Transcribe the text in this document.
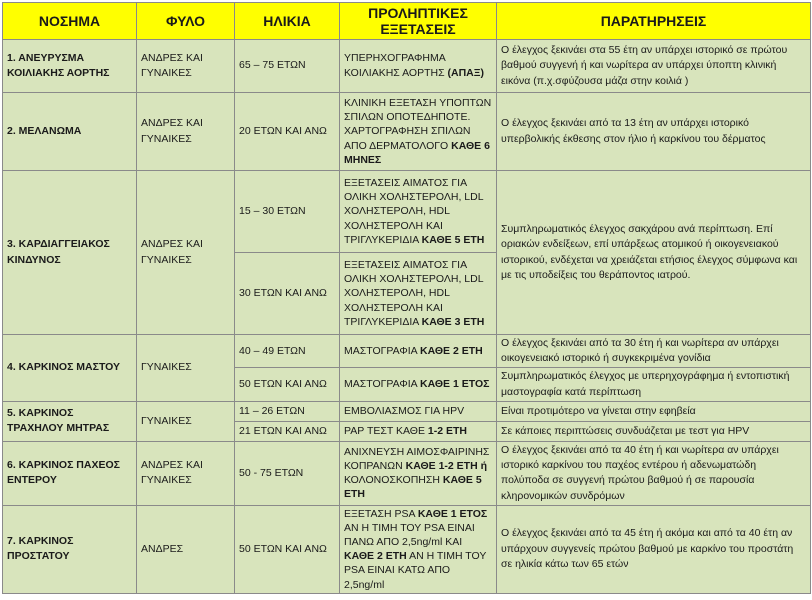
ΝΟΣΗΜΑ	ΦΥΛΟ	ΗΛΙΚΙΑ	ΠΡΟΛΗΠΤΙΚΕΣ ΕΞΕΤΑΣΕΙΣ	ΠΑΡΑΤΗΡΗΣΕΙΣ
1. ΑΝΕΥΡΥΣΜΑ ΚΟΙΛΙΑΚΗΣ ΑΟΡΤΗΣ	ΑΝΔΡΕΣ ΚΑΙ ΓΥΝΑΙΚΕΣ	65 – 75 ΕΤΩΝ	ΥΠΕΡΗΧΟΓΡΑΦΗΜΑ ΚΟΙΛΙΑΚΗΣ ΑΟΡΤΗΣ (ΑΠΑΞ)	Ο έλεγχος ξεκινάει στα 55 έτη αν υπάρχει ιστορικό σε πρώτου βαθμού συγγενή ή και νωρίτερα αν υπάρχει ύποπτη κλινική εικόνα (π.χ.σφύζουσα μάζα στην κοιλιά )
2. ΜΕΛΑΝΩΜΑ	ΑΝΔΡΕΣ ΚΑΙ ΓΥΝΑΙΚΕΣ	20 ΕΤΩΝ ΚΑΙ ΑΝΩ	ΚΛΙΝΙΚΗ ΕΞΕΤΑΣΗ ΥΠΟΠΤΩΝ ΣΠΙΛΩΝ ΟΠΟΤΕΔΗΠΟΤΕ. ΧΑΡΤΟΓΡΑΦΗΣΗ ΣΠΙΛΩΝ ΑΠΟ ΔΕΡΜΑΤΟΛΟΓΟ ΚΑΘΕ 6 ΜΗΝΕΣ	Ο έλεγχος ξεκινάει από τα 13 έτη αν υπάρχει ιστορικό υπερβολικής έκθεσης στον ήλιο ή καρκίνου του δέρματος
3. ΚΑΡΔΙΑΓΓΕΙΑΚΟΣ ΚΙΝΔΥΝΟΣ	ΑΝΔΡΕΣ ΚΑΙ ΓΥΝΑΙΚΕΣ	15 – 30 ΕΤΩΝ	ΕΞΕΤΑΣΕΙΣ ΑΙΜΑΤΟΣ ΓΙΑ ΟΛΙΚΗ ΧΟΛΗΣΤΕΡΟΛΗ, LDL ΧΟΛΗΣΤΕΡΟΛΗ, HDL ΧΟΛΗΣΤΕΡΟΛΗ ΚΑΙ ΤΡΙΓΛΥΚΕΡΙΔΙΑ ΚΑΘΕ 5 ΕΤΗ	Συμπληρωματικός έλεγχος σακχάρου ανά περίπτωση. Επί οριακών ενδείξεων, επί υπάρξεως ατομικού ή οικογενειακού ιστορικού, ενδέχεται να χρειάζεται ετήσιος έλεγχος σύμφωνα και με τις υποδείξεις του θεράποντος ιατρού.
		30 ΕΤΩΝ ΚΑΙ ΑΝΩ	ΕΞΕΤΑΣΕΙΣ ΑΙΜΑΤΟΣ ΓΙΑ ΟΛΙΚΗ ΧΟΛΗΣΤΕΡΟΛΗ, LDL ΧΟΛΗΣΤΕΡΟΛΗ, HDL ΧΟΛΗΣΤΕΡΟΛΗ ΚΑΙ ΤΡΙΓΛΥΚΕΡΙΔΙΑ ΚΑΘΕ 3 ΕΤΗ	
4. ΚΑΡΚΙΝΟΣ ΜΑΣΤΟΥ	ΓΥΝΑΙΚΕΣ	40 – 49 ΕΤΩΝ	ΜΑΣΤΟΓΡΑΦΙΑ ΚΑΘΕ 2 ΕΤΗ	Ο έλεγχος ξεκινάει από τα 30 έτη ή και νωρίτερα αν υπάρχει οικογενειακό ιστορικό ή συγκεκριμένα γονίδια
		50 ΕΤΩΝ ΚΑΙ ΑΝΩ	ΜΑΣΤΟΓΡΑΦΙΑ ΚΑΘΕ 1 ΕΤΟΣ	Συμπληρωματικός έλεγχος με υπερηχογράφημα ή εντοπιστική μαστογραφία κατά περίπτωση
5. ΚΑΡΚΙΝΟΣ ΤΡΑΧΗΛΟΥ ΜΗΤΡΑΣ	ΓΥΝΑΙΚΕΣ	11 – 26 ΕΤΩΝ	ΕΜΒΟΛΙΑΣΜΟΣ ΓΙΑ HPV	Είναι προτιμότερο να γίνεται στην εφηβεία
		21 ΕΤΩΝ ΚΑΙ ΑΝΩ	PAP ΤΕΣΤ ΚΑΘΕ 1-2 ΕΤΗ	Σε κάποιες περιπτώσεις συνδυάζεται με τεστ για HPV
6. ΚΑΡΚΙΝΟΣ ΠΑΧΕΟΣ ΕΝΤΕΡΟΥ	ΑΝΔΡΕΣ ΚΑΙ ΓΥΝΑΙΚΕΣ	50 - 75 ΕΤΩΝ	ΑΝΙΧΝΕΥΣΗ ΑΙΜΟΣΦΑΙΡΙΝΗΣ ΚΟΠΡΑΝΩΝ ΚΑΘΕ 1-2 ΕΤΗ ή ΚΟΛΟΝΟΣΚΟΠΗΣΗ ΚΑΘΕ 5 ΕΤΗ	Ο έλεγχος ξεκινάει από τα 40 έτη ή και νωρίτερα αν υπάρχει ιστορικό καρκίνου του παχέος εντέρου ή αδενωματώδη πολύποδα σε συγγενή πρώτου βαθμού ή σε παρουσία κληρονομικών συνδρόμων
7. ΚΑΡΚΙΝΟΣ ΠΡΟΣΤΑΤΟΥ	ΑΝΔΡΕΣ	50 ΕΤΩΝ ΚΑΙ ΑΝΩ	ΕΞΕΤΑΣΗ PSA ΚΑΘΕ 1 ΕΤΟΣ ΑΝ Η ΤΙΜΗ ΤΟΥ PSA ΕΙΝΑΙ ΠΑΝΩ ΑΠΟ 2,5ng/ml ΚΑΙ ΚΑΘΕ 2 ΕΤΗ ΑΝ Η ΤΙΜΗ ΤΟΥ PSA ΕΙΝΑΙ ΚΑΤΩ ΑΠΟ 2,5ng/ml	Ο έλεγχος ξεκινάει από τα 45 έτη ή ακόμα και από τα 40 έτη αν υπάρχουν συγγενείς πρώτου βαθμού με καρκίνο του προστάτη σε ηλικία κάτω των 65 ετών
